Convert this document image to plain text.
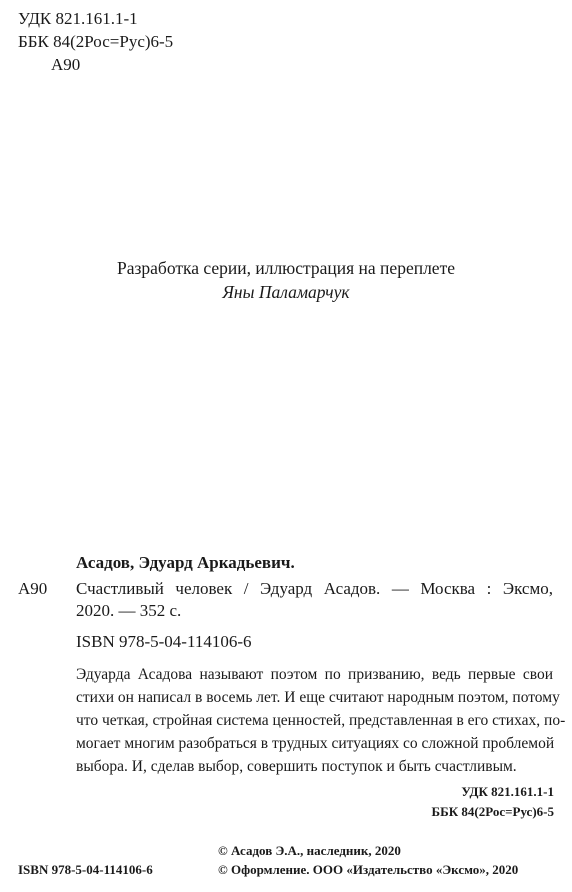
УДК 821.161.1-1
ББК 84(2Рос=Рус)6-5
А90
Разработка серии, иллюстрация на переплете
Яны Паламарчук
Асадов, Эдуард Аркадьевич.
А90 Счастливый человек / Эдуард Асадов. — Москва : Эксмо,
2020. — 352 с.
ISBN 978-5-04-114106-6
Эдуарда Асадова называют поэтом по призванию, ведь первые свои
стихи он написал в восемь лет. И еще считают народным поэтом, потому
что четкая, стройная система ценностей, представленная в его стихах, по-
могает многим разобраться в трудных ситуациях со сложной проблемой
выбора. И, сделав выбор, совершить поступок и быть счастливым.
УДК 821.161.1-1
ББК 84(2Рос=Рус)6-5
ISBN 978-5-04-114106-6
© Асадов Э.А., наследник, 2020
© Оформление. ООО «Издательство «Эксмо», 2020
